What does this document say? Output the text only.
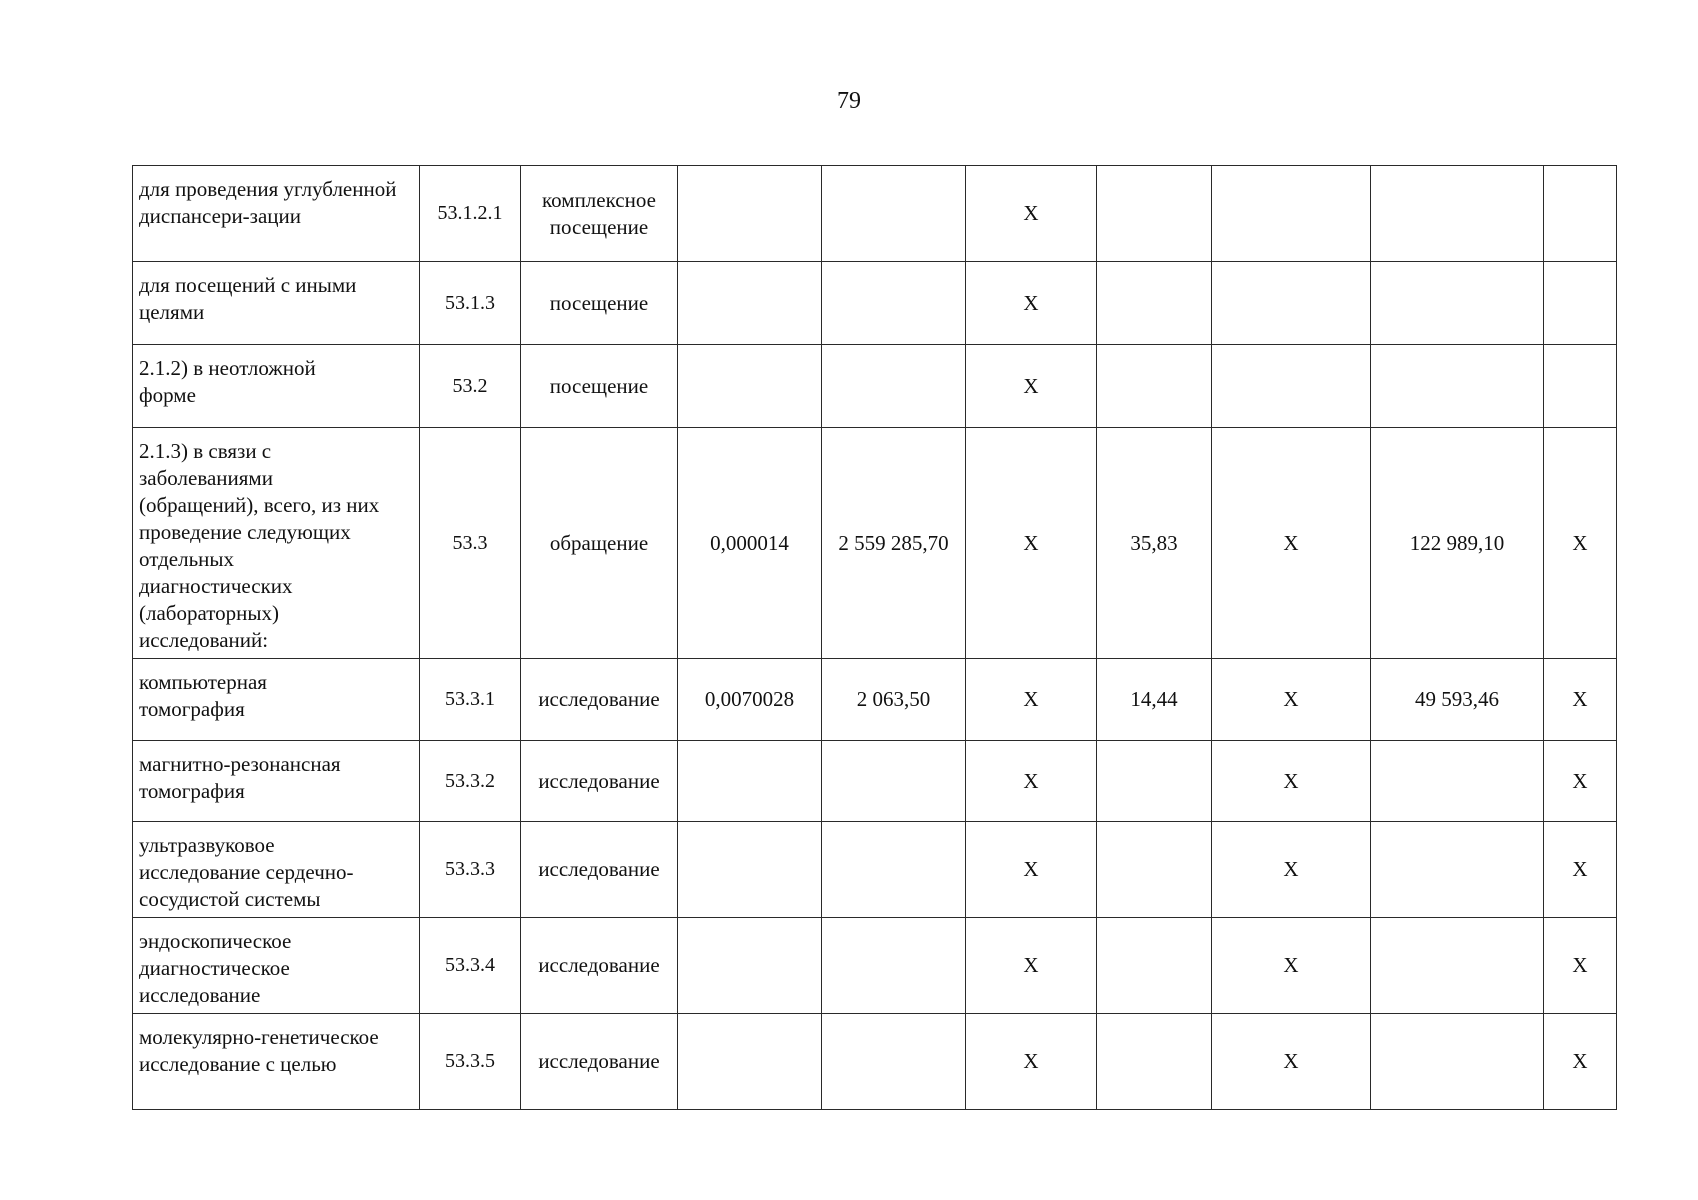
79
для проведения углубленной диспансери-зации	53.1.2.1	комплексное посещение			X				
для посещений с иными целями	53.1.3	посещение			X				
2.1.2) в неотложной форме	53.2	посещение			X				
2.1.3) в связи с заболеваниями (обращений), всего, из них проведение следующих отдельных диагностических (лабораторных) исследований:	53.3	обращение	0,000014	2 559 285,70	X	35,83	X	122 989,10	X
компьютерная томография	53.3.1	исследование	0,0070028	2 063,50	X	14,44	X	49 593,46	X
магнитно-резонансная томография	53.3.2	исследование			X		X		X
ультразвуковое исследование сердечно-сосудистой системы	53.3.3	исследование			X		X		X
эндоскопическое диагностическое исследование	53.3.4	исследование			X		X		X
молекулярно-генетическое исследование с целью	53.3.5	исследование			X		X		X
